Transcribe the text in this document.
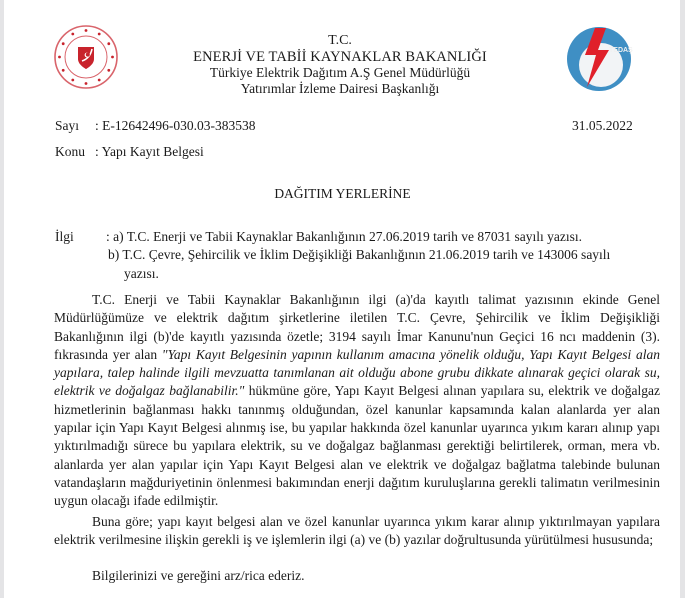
TEDAŞ
T.C.
ENERJİ VE TABİİ KAYNAKLAR BAKANLIĞI
Türkiye Elektrik Dağıtım A.Ş Genel Müdürlüğü
Yatırımlar İzleme Dairesi Başkanlığı
Sayı : E-12642496-030.03-383538	31.05.2022
Konu : Yapı Kayıt Belgesi
DAĞITIM YERLERİNE
İlgi : a) T.C. Enerji ve Tabii Kaynaklar Bakanlığının 27.06.2019 tarih ve 87031 sayılı yazısı.
b) T.C. Çevre, Şehircilik ve İklim Değişikliği Bakanlığının 21.06.2019 tarih ve 143006 sayılı
yazısı.
T.C. Enerji ve Tabii Kaynaklar Bakanlığının ilgi (a)'da kayıtlı talimat yazısının ekinde Genel Müdürlüğümüze ve elektrik dağıtım şirketlerine iletilen T.C. Çevre, Şehircilik ve İklim Değişikliği Bakanlığının ilgi (b)'de kayıtlı yazısında özetle; 3194 sayılı İmar Kanunu'nun Geçici 16 ncı maddenin (3). fıkrasında yer alan "Yapı Kayıt Belgesinin yapının kullanım amacına yönelik olduğu, Yapı Kayıt Belgesi alan yapılara, talep halinde ilgili mevzuatta tanımlanan ait olduğu abone grubu dikkate alınarak geçici olarak su, elektrik ve doğalgaz bağlanabilir." hükmüne göre, Yapı Kayıt Belgesi alınan yapılara su, elektrik ve doğalgaz hizmetlerinin bağlanması hakkı tanınmış olduğundan, özel kanunlar kapsamında kalan alanlarda yer alan yapılar için Yapı Kayıt Belgesi alınmış ise, bu yapılar hakkında özel kanunlar uyarınca yıkım kararı alınıp yapı yıktırılmadığı sürece bu yapılara elektrik, su ve doğalgaz bağlanması gerektiği belirtilerek, orman, mera vb. alanlarda yer alan yapılar için Yapı Kayıt Belgesi alan ve elektrik ve doğalgaz bağlatma talebinde bulunan vatandaşların mağduriyetinin önlenmesi bakımından enerji dağıtım kuruluşlarına gerekli talimatın verilmesinin uygun olacağı ifade edilmiştir.
Buna göre; yapı kayıt belgesi alan ve özel kanunlar uyarınca yıkım karar alınıp yıktırılmayan yapılara elektrik verilmesine ilişkin gerekli iş ve işlemlerin ilgi (a) ve (b) yazılar doğrultusunda yürütülmesi hususunda;
Bilgilerinizi ve gereğini arz/rica ederiz.
